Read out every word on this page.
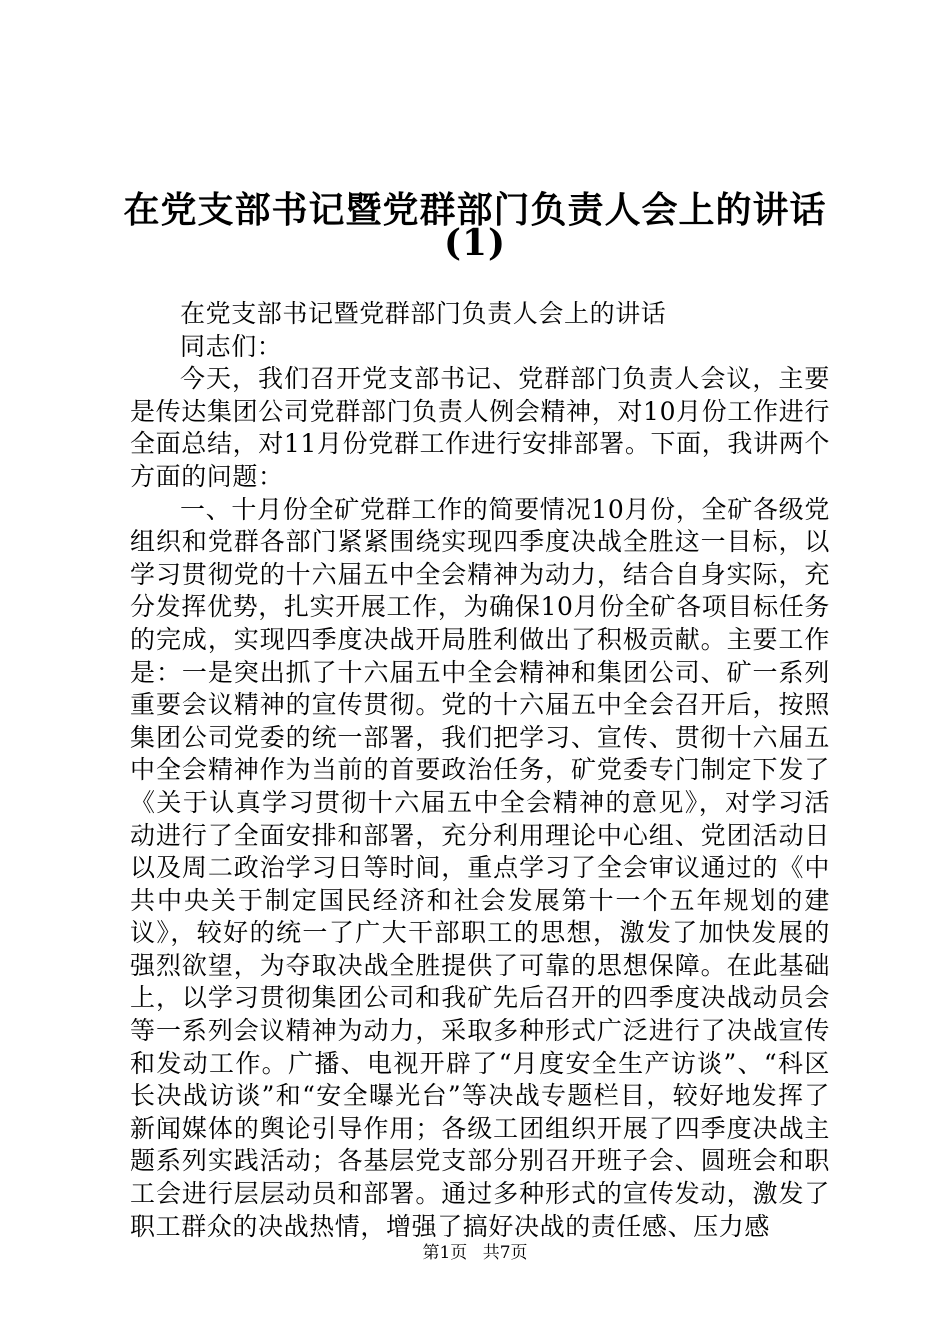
在党支部书记暨党群部门负责人会上的讲话
(1)

在党支部书记暨党群部门负责人会上的讲话

同志们：

今天，我们召开党支部书记、党群部门负责人会议，主要是传达集团公司党群部门负责人例会精神，对10月份工作进行全面总结，对11月份党群工作进行安排部署。下面，我讲两个方面的问题：

一、十月份全矿党群工作的简要情况10月份，全矿各级党组织和党群各部门紧紧围绕实现四季度决战全胜这一目标，以学习贯彻党的十六届五中全会精神为动力，结合自身实际，充分发挥优势，扎实开展工作，为确保10月份全矿各项目标任务的完成，实现四季度决战开局胜利做出了积极贡献。主要工作是：一是突出抓了十六届五中全会精神和集团公司、矿一系列重要会议精神的宣传贯彻。党的十六届五中全会召开后，按照集团公司党委的统一部署，我们把学习、宣传、贯彻十六届五中全会精神作为当前的首要政治任务，矿党委专门制定下发了《关于认真学习贯彻十六届五中全会精神的意见》，对学习活动进行了全面安排和部署，充分利用理论中心组、党团活动日以及周二政治学习日等时间，重点学习了全会审议通过的《中共中央关于制定国民经济和社会发展第十一个五年规划的建议》，较好的统一了广大干部职工的思想，激发了加快发展的强烈欲望，为夺取决战全胜提供了可靠的思想保障。在此基础上，以学习贯彻集团公司和我矿先后召开的四季度决战动员会等一系列会议精神为动力，采取多种形式广泛进行了决战宣传和发动工作。广播、电视开辟了“月度安全生产访谈”、“科区长决战访谈”和“安全曝光台”等决战专题栏目，较好地发挥了新闻媒体的舆论引导作用；各级工团组织开展了四季度决战主题系列实践活动；各基层党支部分别召开班子会、圆班会和职工会进行层层动员和部署。通过多种形式的宣传发动，激发了职工群众的决战热情，增强了搞好决战的责任感、压力感

第1页 共7页
